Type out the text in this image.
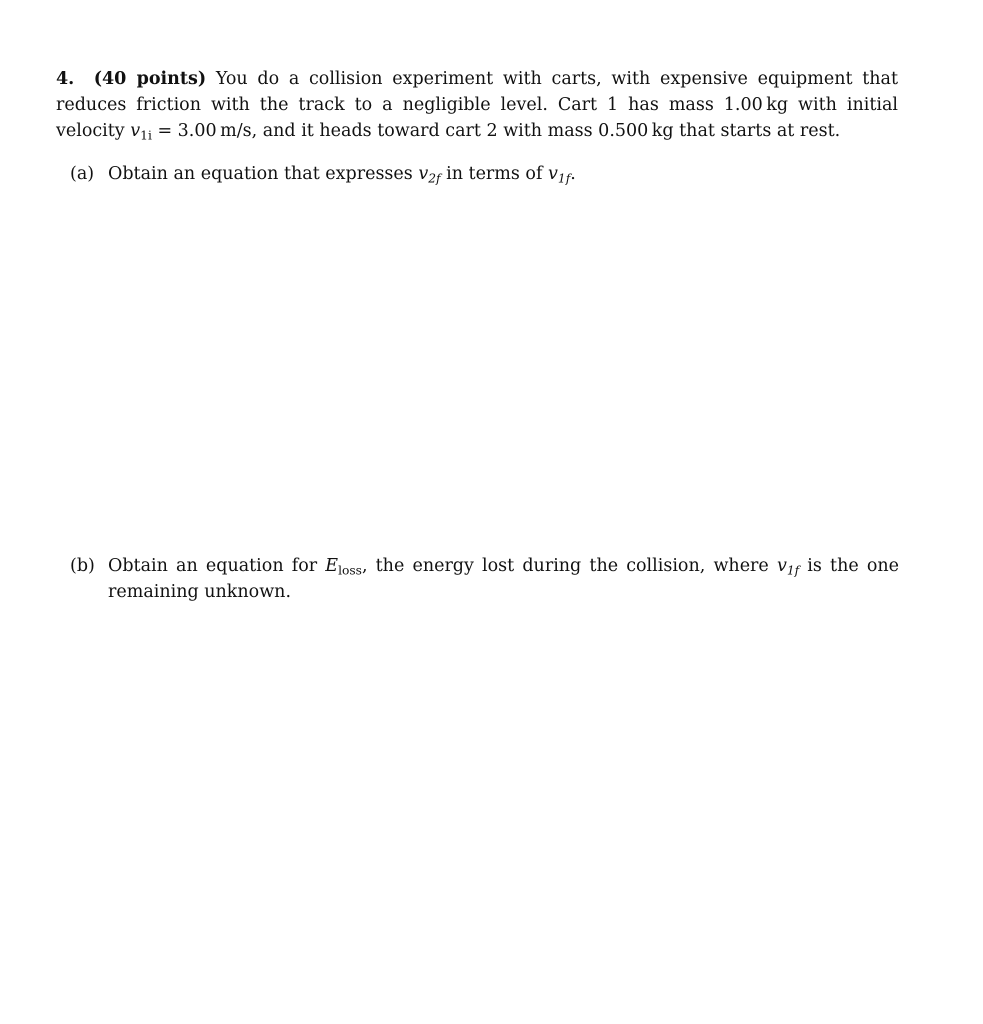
4. (40 points) You do a collision experiment with carts, with expensive equipment that reduces friction with the track to a negligible level. Cart 1 has mass 1.00 kg with initial velocity $v_{1i} = 3.00$ m/s, and it heads toward cart 2 with mass 0.500 kg that starts at rest.

(a) Obtain an equation that expresses $v_{2f}$ in terms of $v_{1f}$.
(b) Obtain an equation for $E_{loss}$, the energy lost during the collision, where $v_{1f}$ is the one remaining unknown.
